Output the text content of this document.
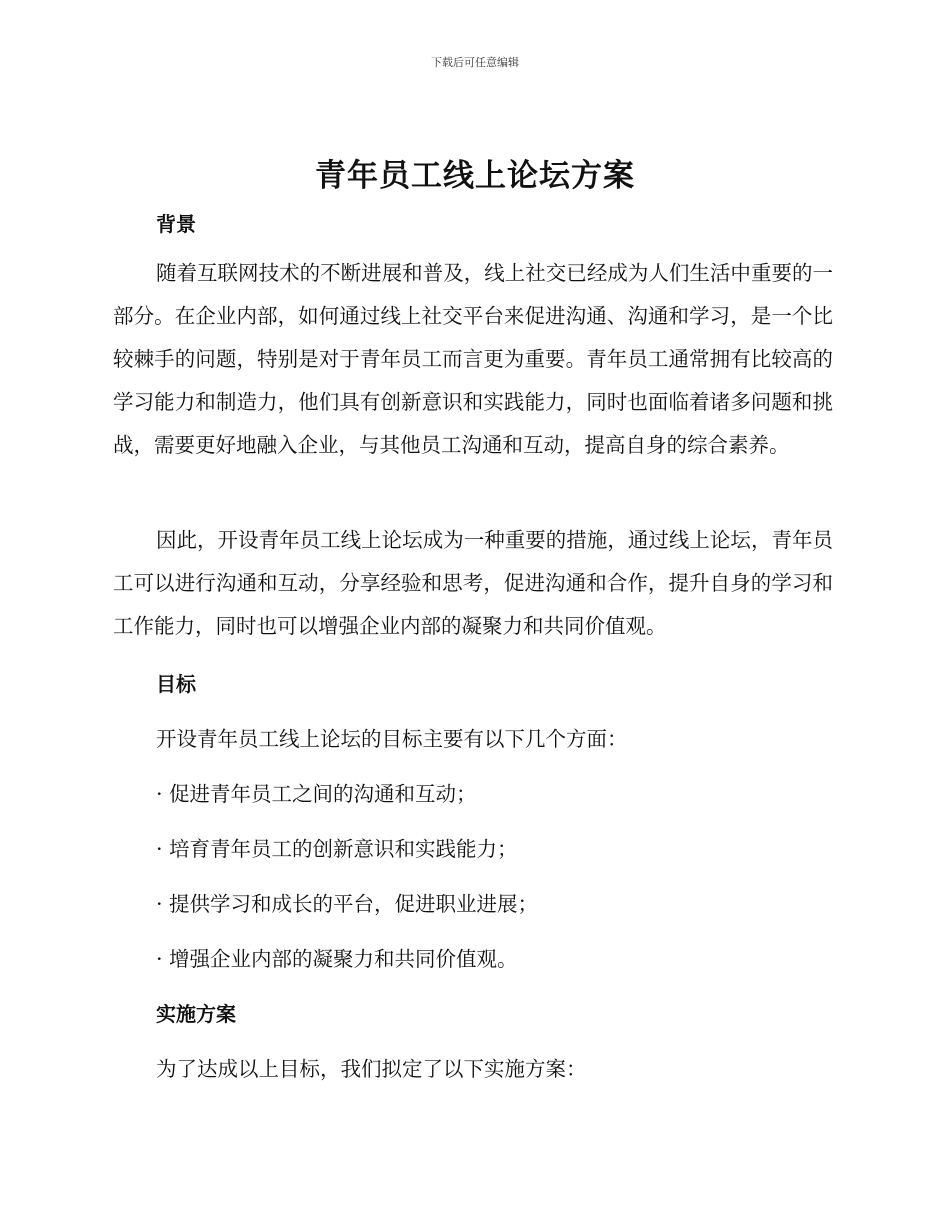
下载后可任意编辑
青年员工线上论坛方案
背景

随着互联网技术的不断进展和普及，线上社交已经成为人们生活中重要的一部分。在企业内部，如何通过线上社交平台来促进沟通、沟通和学习，是一个比较棘手的问题，特别是对于青年员工而言更为重要。青年员工通常拥有比较高的学习能力和制造力，他们具有创新意识和实践能力，同时也面临着诸多问题和挑战，需要更好地融入企业，与其他员工沟通和互动，提高自身的综合素养。

因此，开设青年员工线上论坛成为一种重要的措施，通过线上论坛，青年员工可以进行沟通和互动，分享经验和思考，促进沟通和合作，提升自身的学习和工作能力，同时也可以增强企业内部的凝聚力和共同价值观。

目标

开设青年员工线上论坛的目标主要有以下几个方面：

· 促进青年员工之间的沟通和互动；

· 培育青年员工的创新意识和实践能力；

· 提供学习和成长的平台，促进职业进展；

· 增强企业内部的凝聚力和共同价值观。

实施方案

为了达成以上目标，我们拟定了以下实施方案：
